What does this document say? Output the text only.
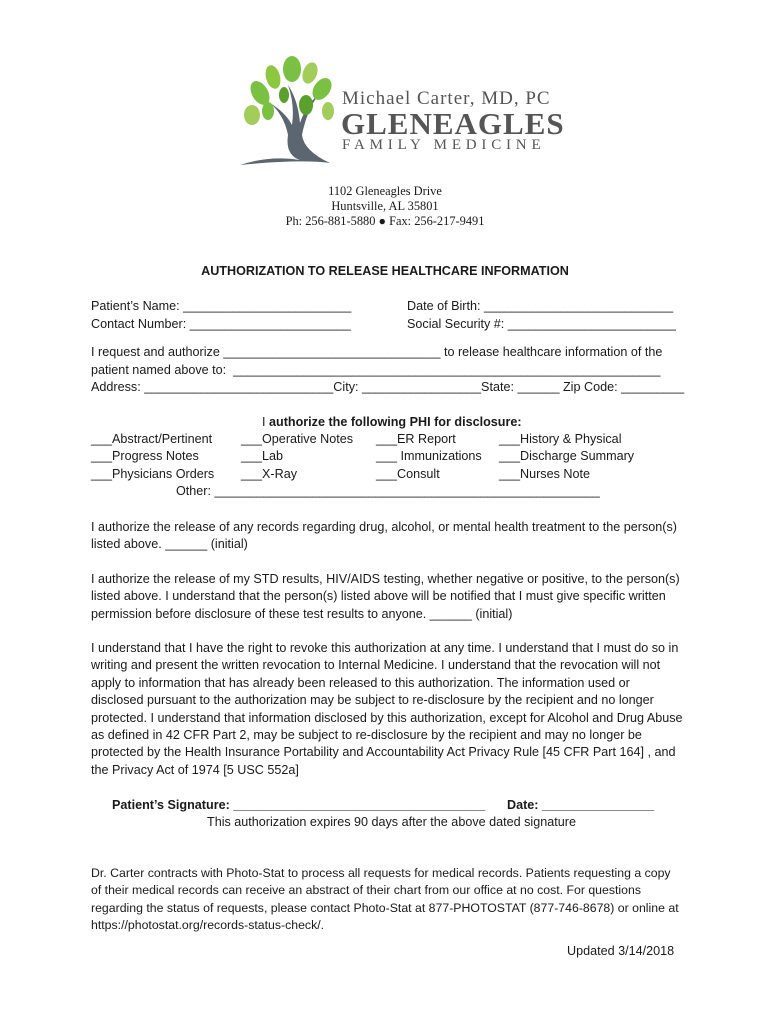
Michael Carter, MD, PC
GLENEAGLES
FAMILY MEDICINE
1102 Gleneagles Drive
Huntsville, AL 35801
Ph: 256-881-5880 ● Fax: 256-217-9491
AUTHORIZATION TO RELEASE HEALTHCARE INFORMATION
Patient’s Name: ________________________	Date of Birth: ___________________________
Contact Number: _______________________	Social Security #: ________________________
I request and authorize _______________________________ to release healthcare information of the
patient named above to:  _____________________________________________________________
Address: ___________________________City: _________________State: ______ Zip Code: _________
I authorize the following PHI for disclosure:
___Abstract/Pertinent
___Progress Notes
___Physicians Orders
___Operative Notes
___Lab
___X-Ray
___ER Report
___ Immunizations
___Consult
___History & Physical
___Discharge Summary
___Nurses Note
Other: _______________________________________________________
I authorize the release of any records regarding drug, alcohol, or mental health treatment to the person(s) listed above. ______ (initial)
I authorize the release of my STD results, HIV/AIDS testing, whether negative or positive, to the person(s) listed above. I understand that the person(s) listed above will be notified that I must give specific written permission before disclosure of these test results to anyone. ______ (initial)
I understand that I have the right to revoke this authorization at any time. I understand that I must do so in writing and present the written revocation to Internal Medicine. I understand that the revocation will not apply to information that has already been released to this authorization. The information used or disclosed pursuant to the authorization may be subject to re-disclosure by the recipient and no longer protected. I understand that information disclosed by this authorization, except for Alcohol and Drug Abuse as defined in 42 CFR Part 2, may be subject to re-disclosure by the recipient and may no longer be protected by the Health Insurance Portability and Accountability Act Privacy Rule [45 CFR Part 164] , and the Privacy Act of 1974 [5 USC 552a]
Patient’s Signature: ____________________________________ Date: ________________
This authorization expires 90 days after the above dated signature
Dr. Carter contracts with Photo-Stat to process all requests for medical records. Patients requesting a copy of their medical records can receive an abstract of their chart from our office at no cost. For questions regarding the status of requests, please contact Photo-Stat at 877-PHOTOSTAT (877-746-8678) or online at https://photostat.org/records-status-check/.
Updated 3/14/2018
